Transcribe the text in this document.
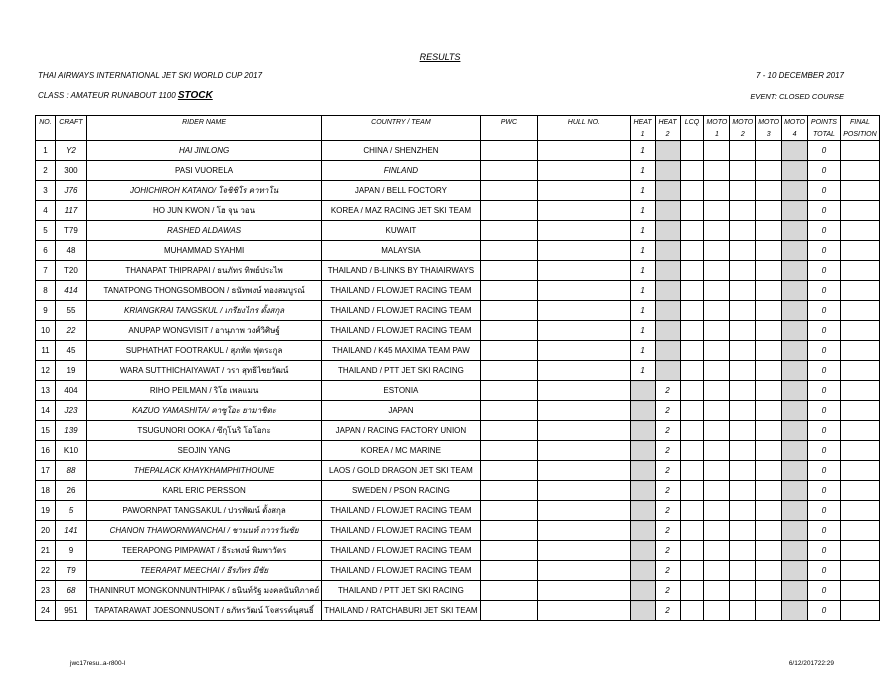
RESULTS
THAI AIRWAYS INTERNATIONAL JET SKI WORLD CUP 2017	7 - 10 DECEMBER 2017
CLASS : AMATEUR RUNABOUT 1100 STOCK	EVENT: CLOSED COURSE
NO.	CRAFT	RIDER NAME	COUNTRY / TEAM	PWC	HULL NO.	HEAT	HEAT	LCQ	MOTO	MOTO	MOTO	MOTO	POINTS	FINAL
						1	2		1	2	3	4	TOTAL	POSITION
1	Y2	HAI JINLONG	CHINA / SHENZHEN			1							0	
2	300	PASI VUORELA	FINLAND			1							0	
3	J76	JOHICHIROH KATANO/ โจชิชิโร คาทาโน	JAPAN / BELL FOCTORY			1							0	
4	117	HO JUN KWON / โฮ จุน วอน	KOREA / MAZ RACING JET SKI TEAM			1							0	
5	T79	RASHED ALDAWAS	KUWAIT			1							0	
6	48	MUHAMMAD SYAHMI	MALAYSIA			1							0	
7	T20	THANAPAT THIPRAPAI / ธนภัทร ทิพย์ประไพ	THAILAND / B-LINKS BY THAIAIRWAYS			1							0	
8	414	TANATPONG THONGSOMBOON / ธนัทพงษ์ ทองสมบูรณ์	THAILAND / FLOWJET RACING TEAM			1							0	
9	55	KRIANGKRAI TANGSKUL / เกรียงไกร ตั้งสกุล	THAILAND / FLOWJET RACING TEAM			1							0	
10	22	ANUPAP WONGVISIT / อานุภาพ วงศ์วิศิษฐ์	THAILAND / FLOWJET RACING TEAM			1							0	
11	45	SUPHATHAT FOOTRAKUL / สุภทัต ฟุตระกูล	THAILAND / K45 MAXIMA TEAM PAW			1							0	
12	19	WARA SUTTHICHAIYAWAT / วรา สุทธิไชยวัฒน์	THAILAND / PTT JET SKI RACING			1							0	
13	404	RIHO PEILMAN / ริโฮ เพลแมน	ESTONIA				2						0	
14	J23	KAZUO YAMASHITA/ คาซูโอะ ยามาชิตะ	JAPAN				2						0	
15	139	TSUGUNORI OOKA / ซึกุโนริ โอโอกะ	JAPAN / RACING FACTORY UNION				2						0	
16	K10	SEOJIN YANG	KOREA / MC MARINE				2						0	
17	88	THEPALACK KHAYKHAMPHITHOUNE	LAOS / GOLD DRAGON JET SKI TEAM				2						0	
18	26	KARL ERIC PERSSON	SWEDEN / PSON RACING				2						0	
19	5	PAWORNPAT TANGSAKUL / ปวรพัฒน์ ตั้งสกุล	THAILAND / FLOWJET RACING TEAM				2						0	
20	141	CHANON THAWORNWANCHAI / ชานนท์ ถาวรวันชัย	THAILAND / FLOWJET RACING TEAM				2						0	
21	9	TEERAPONG PIMPAWAT / ธีระพงษ์ พิมพาวัตร	THAILAND / FLOWJET RACING TEAM				2						0	
22	T9	TEERAPAT MEECHAI / ธีรภัทร มีชัย	THAILAND / FLOWJET RACING TEAM				2						0	
23	68	THANINRUT MONGKONNUNTHIPAK / ธนินท์รัฐ มงคลนันทิภาคย์	THAILAND / PTT JET SKI RACING				2						0	
24	951	TAPATARAWAT JOESONNUSONT / ธภัทรวัฒน์ โจสรรค์นุสนธิ์	THAILAND / RATCHABURI JET SKI TEAM				2						0	
jwc17resu..a-r800-l	6/12/201722:29
